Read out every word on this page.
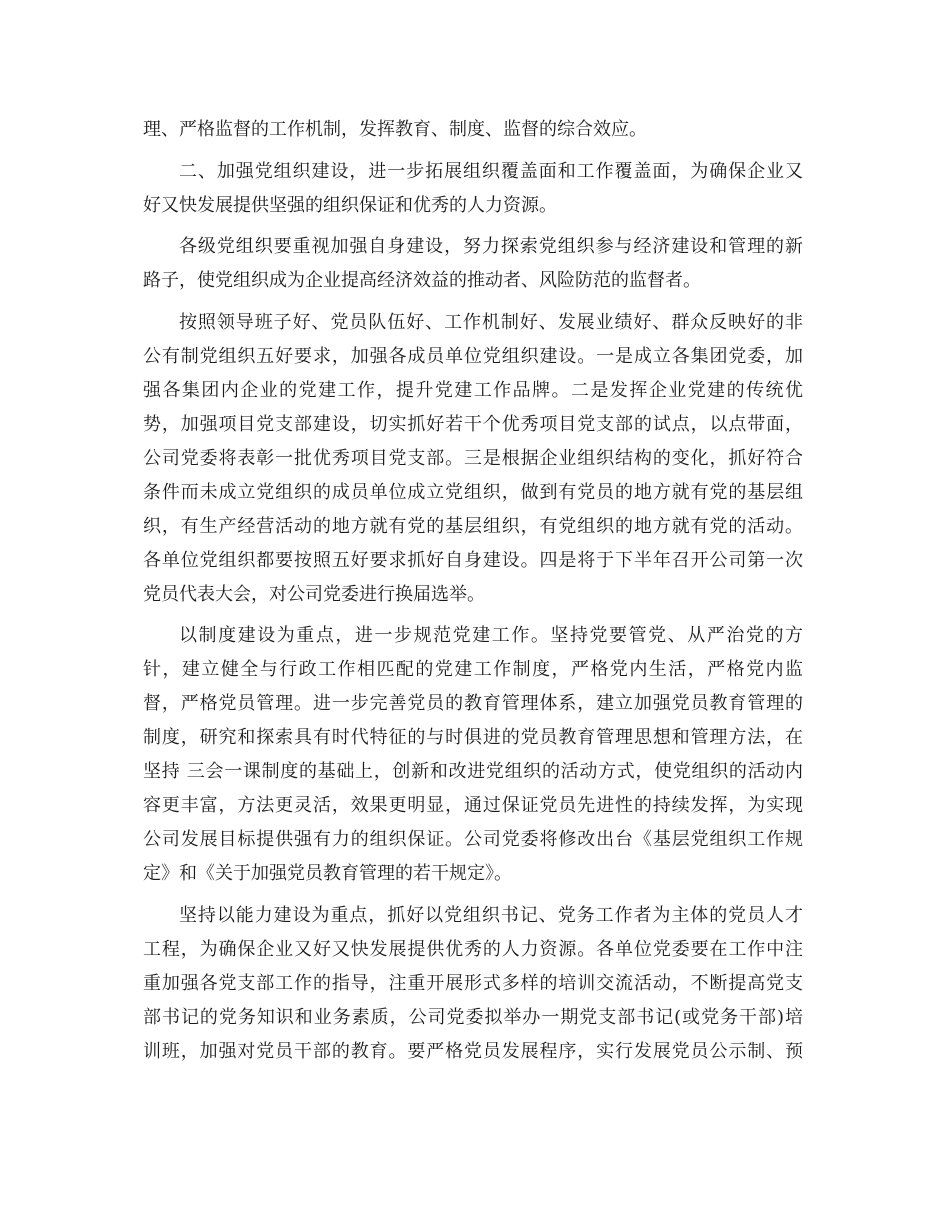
理、严格监督的工作机制，发挥教育、制度、监督的综合效应。
二、加强党组织建设，进一步拓展组织覆盖面和工作覆盖面，为确保企业又
好又快发展提供坚强的组织保证和优秀的人力资源。
各级党组织要重视加强自身建设，努力探索党组织参与经济建设和管理的新
路子，使党组织成为企业提高经济效益的推动者、风险防范的监督者。
按照领导班子好、党员队伍好、工作机制好、发展业绩好、群众反映好的非
公有制党组织五好要求，加强各成员单位党组织建设。一是成立各集团党委，加
强各集团内企业的党建工作，提升党建工作品牌。二是发挥企业党建的传统优
势，加强项目党支部建设，切实抓好若干个优秀项目党支部的试点，以点带面，
公司党委将表彰一批优秀项目党支部。三是根据企业组织结构的变化，抓好符合
条件而未成立党组织的成员单位成立党组织，做到有党员的地方就有党的基层组
织，有生产经营活动的地方就有党的基层组织，有党组织的地方就有党的活动。
各单位党组织都要按照五好要求抓好自身建设。四是将于下半年召开公司第一次
党员代表大会，对公司党委进行换届选举。
以制度建设为重点，进一步规范党建工作。坚持党要管党、从严治党的方
针，建立健全与行政工作相匹配的党建工作制度，严格党内生活，严格党内监
督，严格党员管理。进一步完善党员的教育管理体系，建立加强党员教育管理的
制度，研究和探索具有时代特征的与时俱进的党员教育管理思想和管理方法，在
坚持 三会一课制度的基础上，创新和改进党组织的活动方式，使党组织的活动内
容更丰富，方法更灵活，效果更明显，通过保证党员先进性的持续发挥，为实现
公司发展目标提供强有力的组织保证。公司党委将修改出台《基层党组织工作规
定》和《关于加强党员教育管理的若干规定》。
坚持以能力建设为重点，抓好以党组织书记、党务工作者为主体的党员人才
工程，为确保企业又好又快发展提供优秀的人力资源。各单位党委要在工作中注
重加强各党支部工作的指导，注重开展形式多样的培训交流活动，不断提高党支
部书记的党务知识和业务素质，公司党委拟举办一期党支部书记(或党务干部)培
训班，加强对党员干部的教育。要严格党员发展程序，实行发展党员公示制、预
